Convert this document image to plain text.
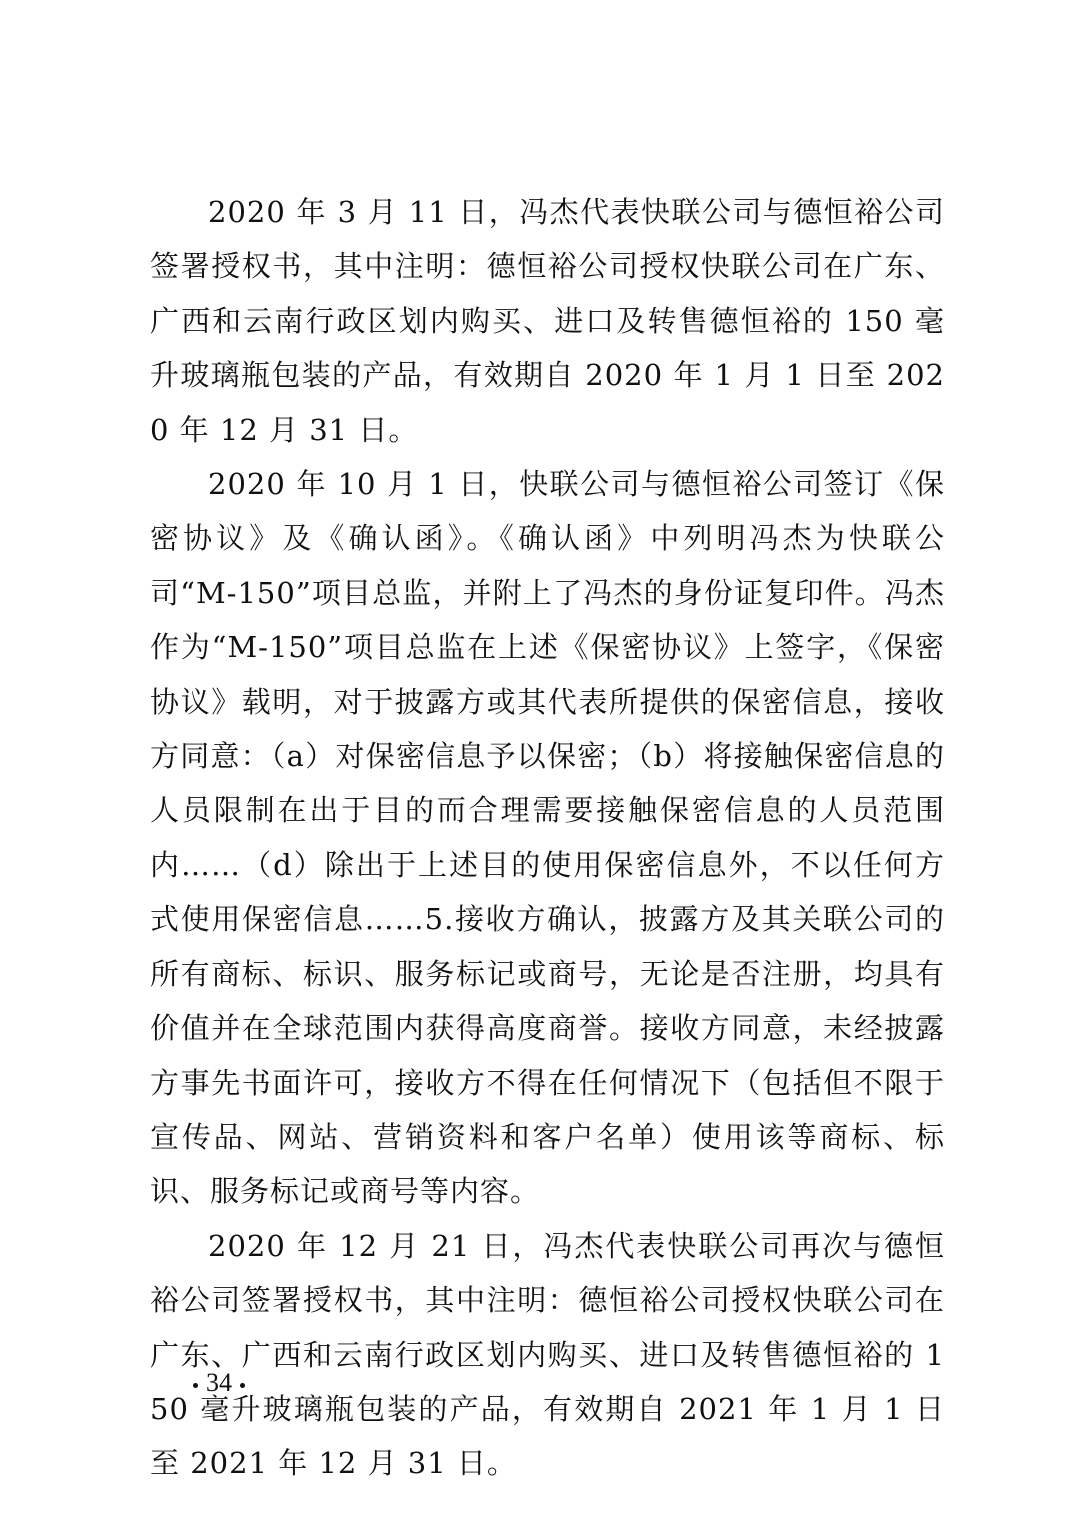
2020 年 3 月 11 日，冯杰代表快联公司与德恒裕公司签署授权书，其中注明：德恒裕公司授权快联公司在广东、广西和云南行政区划内购买、进口及转售德恒裕的 150 毫升玻璃瓶包装的产品，有效期自 2020 年 1 月 1 日至 2020 年 12 月 31 日。

2020 年 10 月 1 日，快联公司与德恒裕公司签订《保密协议》及《确认函》。《确认函》中列明冯杰为快联公司“M-150”项目总监，并附上了冯杰的身份证复印件。冯杰作为“M-150”项目总监在上述《保密协议》上签字，《保密协议》载明，对于披露方或其代表所提供的保密信息，接收方同意：（a）对保密信息予以保密；（b）将接触保密信息的人员限制在出于目的而合理需要接触保密信息的人员范围内……（d）除出于上述目的使用保密信息外，不以任何方式使用保密信息……5.接收方确认，披露方及其关联公司的所有商标、标识、服务标记或商号，无论是否注册，均具有价值并在全球范围内获得高度商誉。接收方同意，未经披露方事先书面许可，接收方不得在任何情况下（包括但不限于宣传品、网站、营销资料和客户名单）使用该等商标、标识、服务标记或商号等内容。

2020 年 12 月 21 日，冯杰代表快联公司再次与德恒裕公司签署授权书，其中注明：德恒裕公司授权快联公司在广东、广西和云南行政区划内购买、进口及转售德恒裕的 150 毫升玻璃瓶包装的产品，有效期自 2021 年 1 月 1 日至 2021 年 12 月 31 日。

34
